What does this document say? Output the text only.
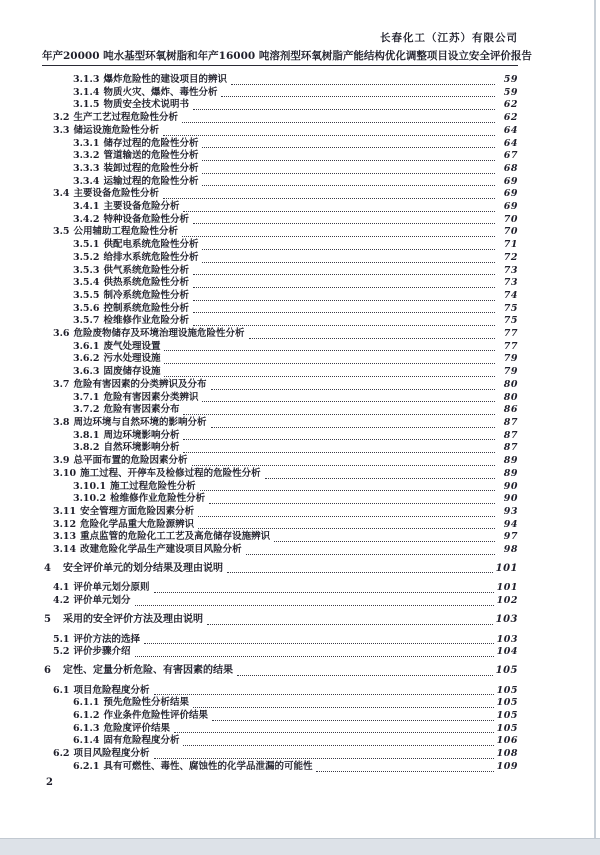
长春化工（江苏）有限公司
年产20000 吨水基型环氧树脂和年产16000 吨溶剂型环氧树脂产能结构优化调整项目设立安全评价报告
3.1.3 爆炸危险性的建设项目的辨识	59
3.1.4 物质火灾、爆炸、毒性分析	59
3.1.5 物质安全技术说明书	62
3.2 生产工艺过程危险性分析	62
3.3 储运设施危险性分析	64
3.3.1 储存过程的危险性分析	64
3.3.2 管道输送的危险性分析	67
3.3.3 装卸过程的危险性分析	68
3.3.4 运输过程的危险性分析	69
3.4 主要设备危险性分析	69
3.4.1 主要设备危险分析	69
3.4.2 特种设备危险性分析	70
3.5 公用辅助工程危险性分析	70
3.5.1 供配电系统危险性分析	71
3.5.2 给排水系统危险性分析	72
3.5.3 供气系统危险性分析	73
3.5.4 供热系统危险性分析	73
3.5.5 制冷系统危险性分析	74
3.5.6 控制系统危险性分析	75
3.5.7 检维修作业危险分析	75
3.6 危险废物储存及环境治理设施危险性分析	77
3.6.1 废气处理设置	77
3.6.2 污水处理设施	79
3.6.3 固废储存设施	79
3.7 危险有害因素的分类辨识及分布	80
3.7.1 危险有害因素分类辨识	80
3.7.2 危险有害因素分布	86
3.8 周边环境与自然环境的影响分析	87
3.8.1 周边环境影响分析	87
3.8.2 自然环境影响分析	87
3.9 总平面布置的危险因素分析	89
3.10 施工过程、开停车及检修过程的危险性分析	89
3.10.1 施工过程危险性分析	90
3.10.2 检维修作业危险性分析	90
3.11 安全管理方面危险因素分析	93
3.12 危险化学品重大危险源辨识	94
3.13 重点监管的危险化工工艺及高危储存设施辨识	97
3.14 改建危险化学品生产建设项目风险分析	98
4 安全评价单元的划分结果及理由说明	101
4.1 评价单元划分原则	101
4.2 评价单元划分	102
5 采用的安全评价方法及理由说明	103
5.1 评价方法的选择	103
5.2 评价步骤介绍	104
6 定性、定量分析危险、有害因素的结果	105
6.1 项目危险程度分析	105
6.1.1 预先危险性分析结果	105
6.1.2 作业条件危险性评价结果	105
6.1.3 危险度评价结果	105
6.1.4 固有危险程度分析	106
6.2 项目风险程度分析	108
6.2.1 具有可燃性、毒性、腐蚀性的化学品泄漏的可能性	109
2
